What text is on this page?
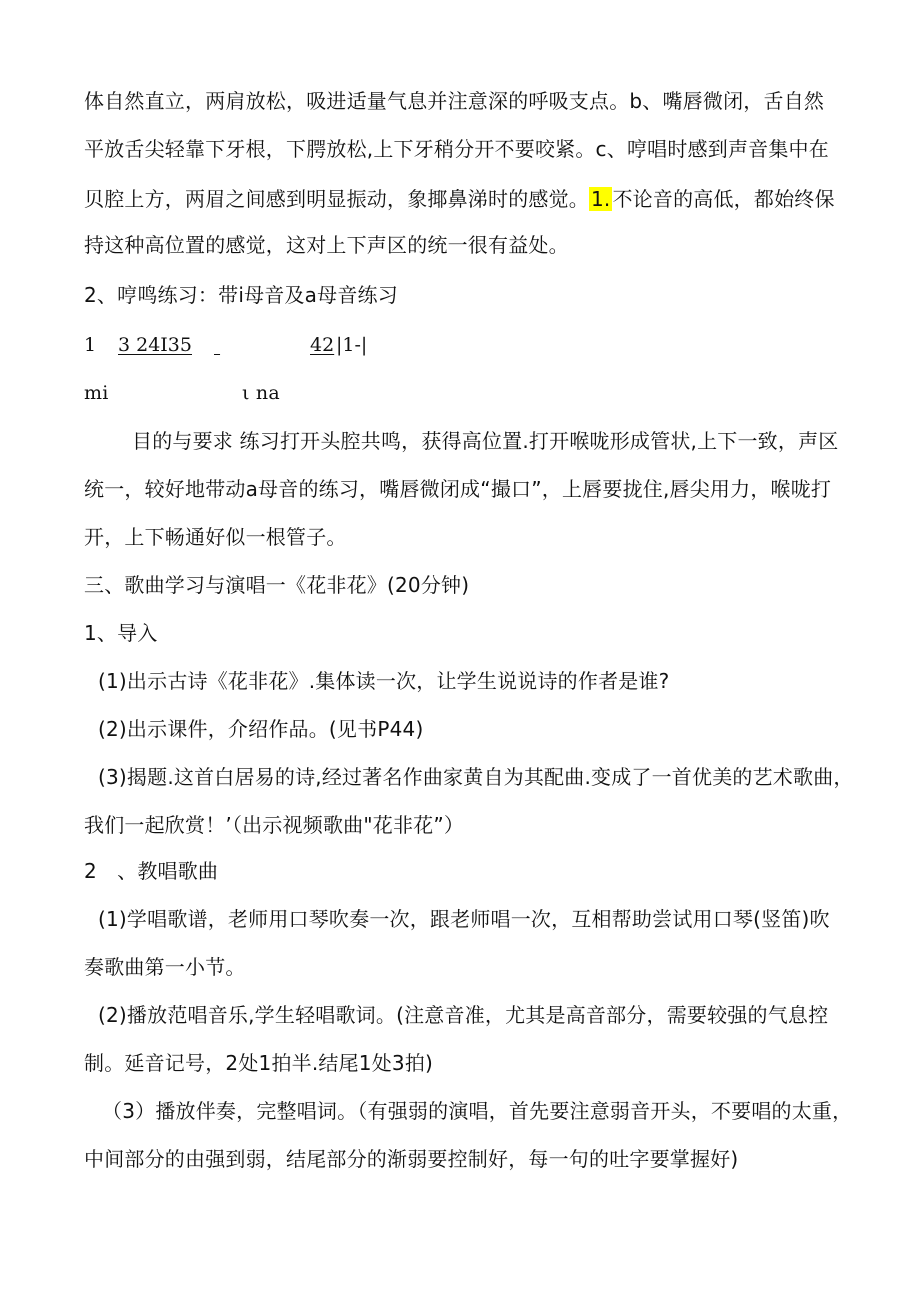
体自然直立，两肩放松，吸进适量气息并注意深的呼吸支点。b、嘴唇微闭，舌自然
平放舌尖轻靠下牙根，下腭放松,上下牙稍分开不要咬紧。c、哼唱时感到声音集中在
贝腔上方，两眉之间感到明显振动，象揶鼻涕时的感觉。 1. 不论音的高低，都始终保
持这种高位置的感觉，这对上下声区的统一很有益处。
2、哼鸣练习：带i母音及a母音练习
1 3 24I35
	42 |1-|
mi	ι na
目的与要求 练习打开头腔共鸣，获得高位置.打开喉咙形成管状,上下一致，声区
统一，较好地带动a母音的练习，嘴唇微闭成“撮口”，上唇要拢住,唇尖用力，喉咙打
开，上下畅通好似一根管子。
三、歌曲学习与演唱一《花非花》(20分钟)
1、导入
(1)出示古诗《花非花》.集体读一次，让学生说说诗的作者是谁?
(2)出示课件，介绍作品。(见书P44)
(3)揭题.这首白居易的诗,经过著名作曲家黄自为其配曲.变成了一首优美的艺术歌曲，
我们一起欣赏！’（出示视频歌曲"花非花”）
2　、教唱歌曲
(1)学唱歌谱，老师用口琴吹奏一次，跟老师唱一次，互相帮助尝试用口琴(竖笛)吹
奏歌曲第一小节。
(2)播放范唱音乐,学生轻唱歌词。(注意音准，尤其是高音部分，需要较强的气息控
制。延音记号，2处1拍半.结尾1处3拍)
（3）播放伴奏，完整唱词。（有强弱的演唱，首先要注意弱音开头，不要唱的太重，
中间部分的由强到弱，结尾部分的渐弱要控制好，每一句的吐字要掌握好)
